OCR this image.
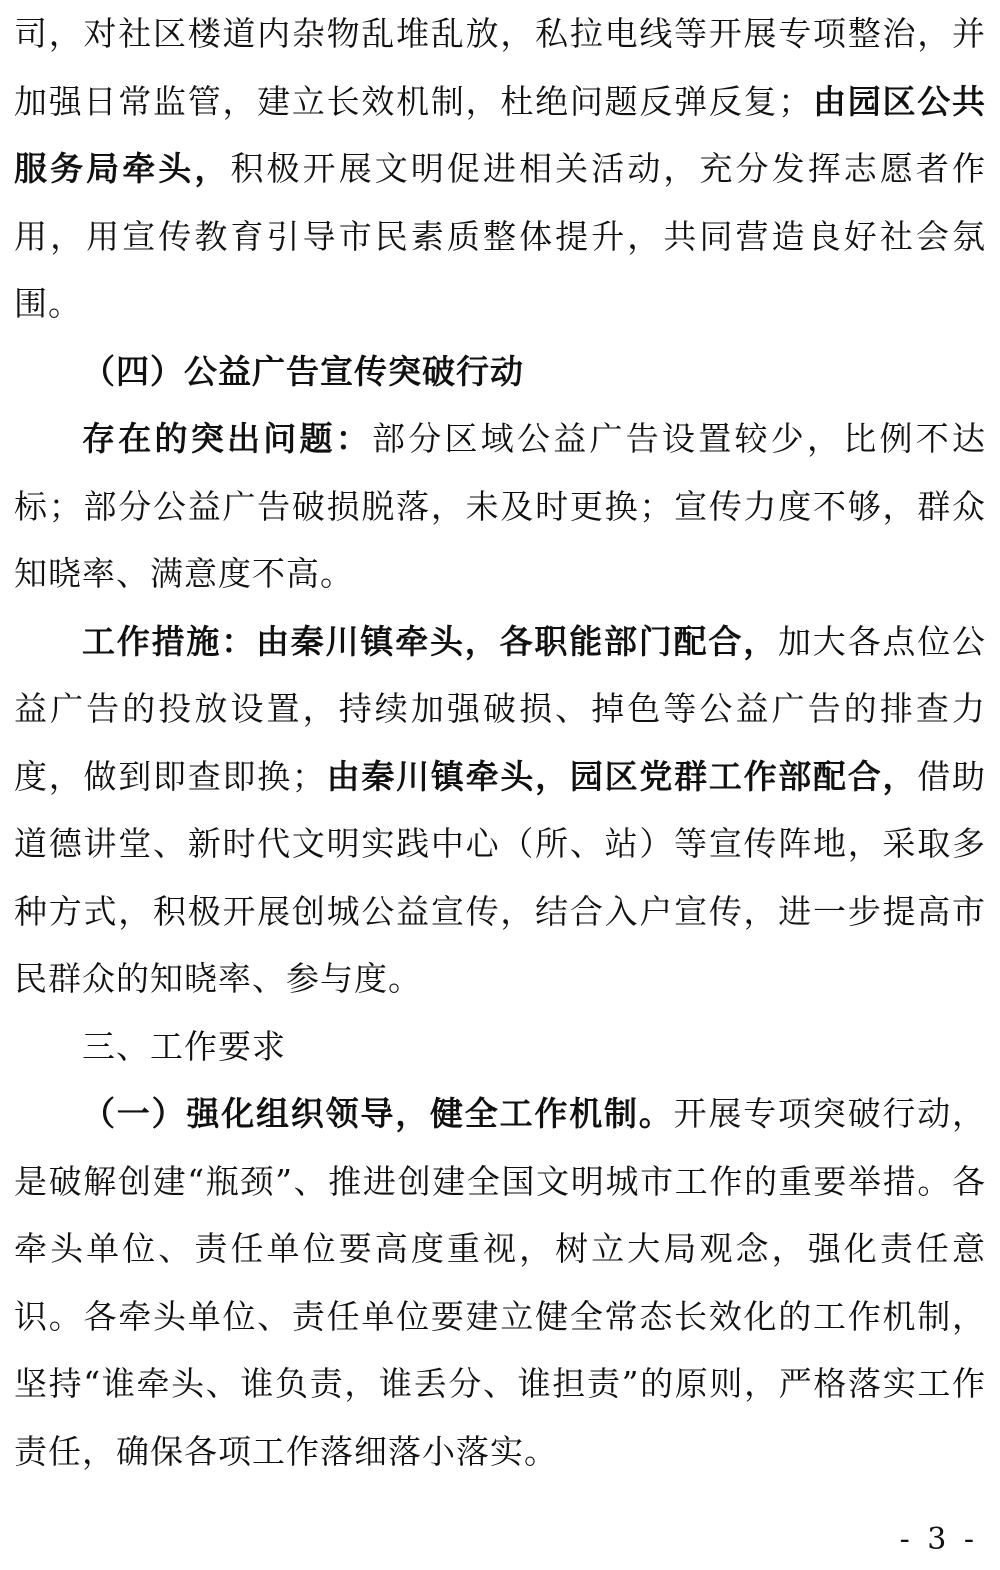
司，对社区楼道内杂物乱堆乱放，私拉电线等开展专项整治，并加强日常监管，建立长效机制，杜绝问题反弹反复；由园区公共服务局牵头，积极开展文明促进相关活动，充分发挥志愿者作用，用宣传教育引导市民素质整体提升，共同营造良好社会氛围。

（四）公益广告宣传突破行动

存在的突出问题：部分区域公益广告设置较少，比例不达标；部分公益广告破损脱落，未及时更换；宣传力度不够，群众知晓率、满意度不高。

工作措施：由秦川镇牵头，各职能部门配合，加大各点位公益广告的投放设置，持续加强破损、掉色等公益广告的排查力度，做到即查即换；由秦川镇牵头，园区党群工作部配合，借助道德讲堂、新时代文明实践中心（所、站）等宣传阵地，采取多种方式，积极开展创城公益宣传，结合入户宣传，进一步提高市民群众的知晓率、参与度。

三、工作要求

（一）强化组织领导，健全工作机制。开展专项突破行动，是破解创建“瓶颈”、推进创建全国文明城市工作的重要举措。各牵头单位、责任单位要高度重视，树立大局观念，强化责任意识。各牵头单位、责任单位要建立健全常态长效化的工作机制，坚持“谁牵头、谁负责，谁丢分、谁担责”的原则，严格落实工作责任，确保各项工作落细落小落实。

- 3 -
